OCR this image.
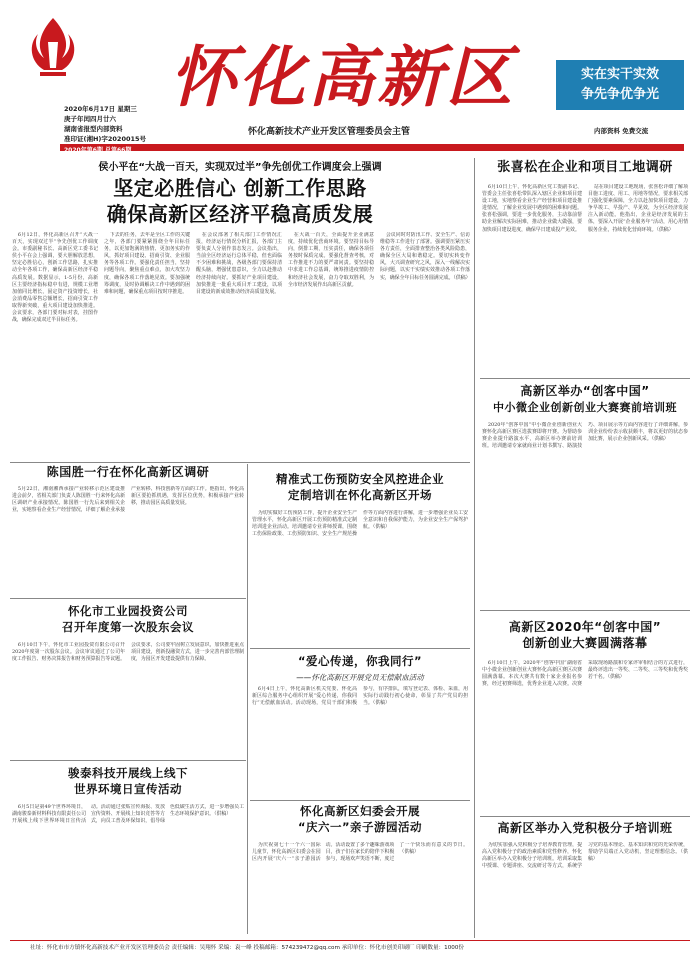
怀化高新区
怀化高新技术产业开发区管理委员会主管
2020年6月17日 星期三
庚子年闰四月廿六
湖南省报型内部资料
准印证(湘H)字2020015号
2020年第6期 总第66期
实在实干实效
争先争优争光
内部资料 免费交流
侯小平在“大战一百天，实现双过半”争先创优工作调度会上强调
坚定必胜信心 创新工作思路
确保高新区经济平稳高质发展

6月12日，怀化高新区召开“大战一百天，实现双过半”争先创优工作调度会。市委副秘书长、高新区党工委书记侯小平在会上强调，要大胆解放思想，坚定必胜信心，创新工作思路，扎实推动全年各项工作，确保高新区经济平稳高质发展。数据显示，1-5月份，高新区主要经济指标稳中有进，规模工业增加值同比增长，固定资产投资增长，社会消费品零售总额增长，招商引资工作取得新突破，重大项目建设加快推进。会议要求，各部门要对标对表，挂图作战，确保完成双过半目标任务。

下去的任务，去年是全区工作的关键之年，各部门要紧紧围绕全年目标任务，以更加饱满的热情、更加务实的作风，抓好项目建设、招商引资、企业服务等各项工作。要强化责任担当，坚持问题导向，聚焦重点难点，加大攻坚力度，确保各项工作落地见效。要加强统筹调度，及时协调解决工作中遇到的困难和问题，确保重点项目按时序推进。

在会议部署了相关部门工作情况汇报，经济运行情况分析汇报，各部门主要负责人分别作表态发言。会议指出，当前全区经济运行总体平稳，但也面临不少困难和挑战，各级各部门要保持清醒头脑，增强忧患意识，全力以赴推动经济持续向好。要抓好产业项目建设，加快推进一批重大项目开工建设，以项目建设的新成效推动经济高质量发展。

在大战一百天，全面提升企业满意度，持续优化营商环境。要坚持目标导向，倒排工期，压实责任，确保各项任务按时保质完成。要强化督查考核，对工作推进不力的要严肃问责。要坚持稳中求进工作总基调，统筹推进疫情防控和经济社会发展，奋力夺取双胜利，为全市经济发展作出高新区贡献。

会议同时对防汛工作、安全生产、信访维稳等工作进行了部署。强调要压紧压实各方责任，全面排查整治各类风险隐患，确保全区大局和谐稳定。要切实转变作风，大兴调查研究之风，深入一线解决实际问题，以实干实绩实效推动各项工作落实，确保全年目标任务圆满完成。（供稿）

张喜松在企业和项目工地调研

6月10日上午，怀化高新区党工委副书记、管委会主任张喜松带队深入辖区企业和项目建设工地，实地察看企业生产经营和项目建设推进情况，了解企业发展中遇到的困难和问题。张喜松强调，要进一步优化服务，主动靠前帮助企业解决实际困难，推动企业做大做强，要加快项目建设进度，确保早日建成投产见效。

站在项目建设工地现场，张喜松详细了解项目施工进度、用工、用地等情况，要求相关部门强化要素保障，全力以赴加快项目建设，力争早竣工、早投产、早见效，为全区经济发展注入新动能。他指出，企业是经济发展的主体，要深入开展“企业服务年”活动，用心用情服务企业，持续优化营商环境。（供稿）

高新区举办“创客中国”
中小微企业创新创业大赛赛前培训班

2020年“创客中国”中小微企业创新创业大赛怀化高新区赛区选拔赛即将开赛。为帮助参赛企业提升路演水平，高新区举办赛前培训班。培训邀请专家就商业计划书撰写、路演技巧、项目展示等方面内容进行了详细讲解，参训企业纷纷表示收获颇丰，将以更好的状态参加比赛，展示企业创新风采。（供稿）

高新区2020年“创客中国”
创新创业大赛圆满落幕

6月10日上午，2020年“创客中国”湖南省中小微企业创新创业大赛怀化高新区赛区决赛圆满落幕。本次大赛共有数十家企业报名参赛，经过初赛筛选，优秀企业进入决赛。决赛采取现场路演和专家评审相结合的方式进行，最终评选出一等奖、二等奖、三等奖和优秀奖若干名。（供稿）

高新区举办入党积极分子培训班

为切实加强入党积极分子培养教育管理，提高入党积极分子的政治素质和党性修养，怀化高新区举办入党积极分子培训班。培训采取集中授课、专题讲座、交流研讨等方式，系统学习党的基本理论、基本知识和党的光荣传统，帮助学员端正入党动机，坚定理想信念。（供稿）

陈国胜一行在怀化高新区调研

5月22日，湘南湘西承接产业转移示范区建设推进会前夕，省相关部门负责人陈国胜一行来怀化高新区调研产业承接情况。陈国胜一行先后来到相关企业，实地察看企业生产经营情况，详细了解企业承接产业转移、科技创新等方面的工作。他指出，怀化高新区要抢抓机遇，发挥区位优势，积极承接产业转移，推动园区高质量发展。

精准式工伤预防安全风控进企业
定制培训在怀化高新区开场

为切实做好工伤预防工作，提升企业安全生产管理水平，怀化高新区开展工伤预防精准式定制培训进企业活动。培训邀请专业讲师授课，围绕工伤保险政策、工伤预防知识、安全生产规范操作等方面内容进行讲解，进一步增强企业员工安全意识和自我保护能力，为企业安全生产保驾护航。（供稿）

怀化市工业园投资公司
召开年度第一次股东会议

6月10日下午，怀化市工业园投资有限公司召开2020年度第一次股东会议。会议审议通过了公司年度工作报告、财务决算报告和财务预算报告等议题。会议要求，公司要牢固树立发展意识，加快推进重点项目建设，创新投融资方式，进一步完善内部管理制度，为园区开发建设提供有力保障。	“爱心传递，你我同行”
——怀化高新区开展党员无偿献血活动

6月4日上午，怀化高新区机关党委、怀化高新区综合服务中心组织开展“爱心传递，你我同行”无偿献血活动。活动现场，党员干部们积极参与，有序排队，填写登记表、体检、采血，用实际行动践行初心使命，彰显了共产党员的担当。（供稿）

骏泰科技开展线上线下
世界环境日宣传活动

6月5日是第49个世界环境日，湖南骏泰新材料科技有限责任公司开展线上线下世界环境日宣传活动。活动通过张贴宣传海报、发放宣传资料、开展线上知识竞答等方式，向员工普及环保知识，倡导绿色低碳生活方式，进一步增强员工生态环境保护意识。（供稿）	怀化高新区妇委会开展
“庆六一”亲子游园活动

为庆祝第七十一个六一国际儿童节，怀化高新区妇委会在园区内开展“庆六一”亲子游园活动。活动设置了多个趣味游戏项目，孩子们在家长的陪伴下积极参与，现场欢声笑语不断，度过了一个快乐而有意义的节日。（供稿）

社址：怀化市市方镇怀化高新技术产业开发区管理委员会 责任编辑：吴翔怀 采编：袁一峰 投稿邮箱：574239472@qq.com 承印单位：怀化市创美印刷厂 印刷数量：1000份
